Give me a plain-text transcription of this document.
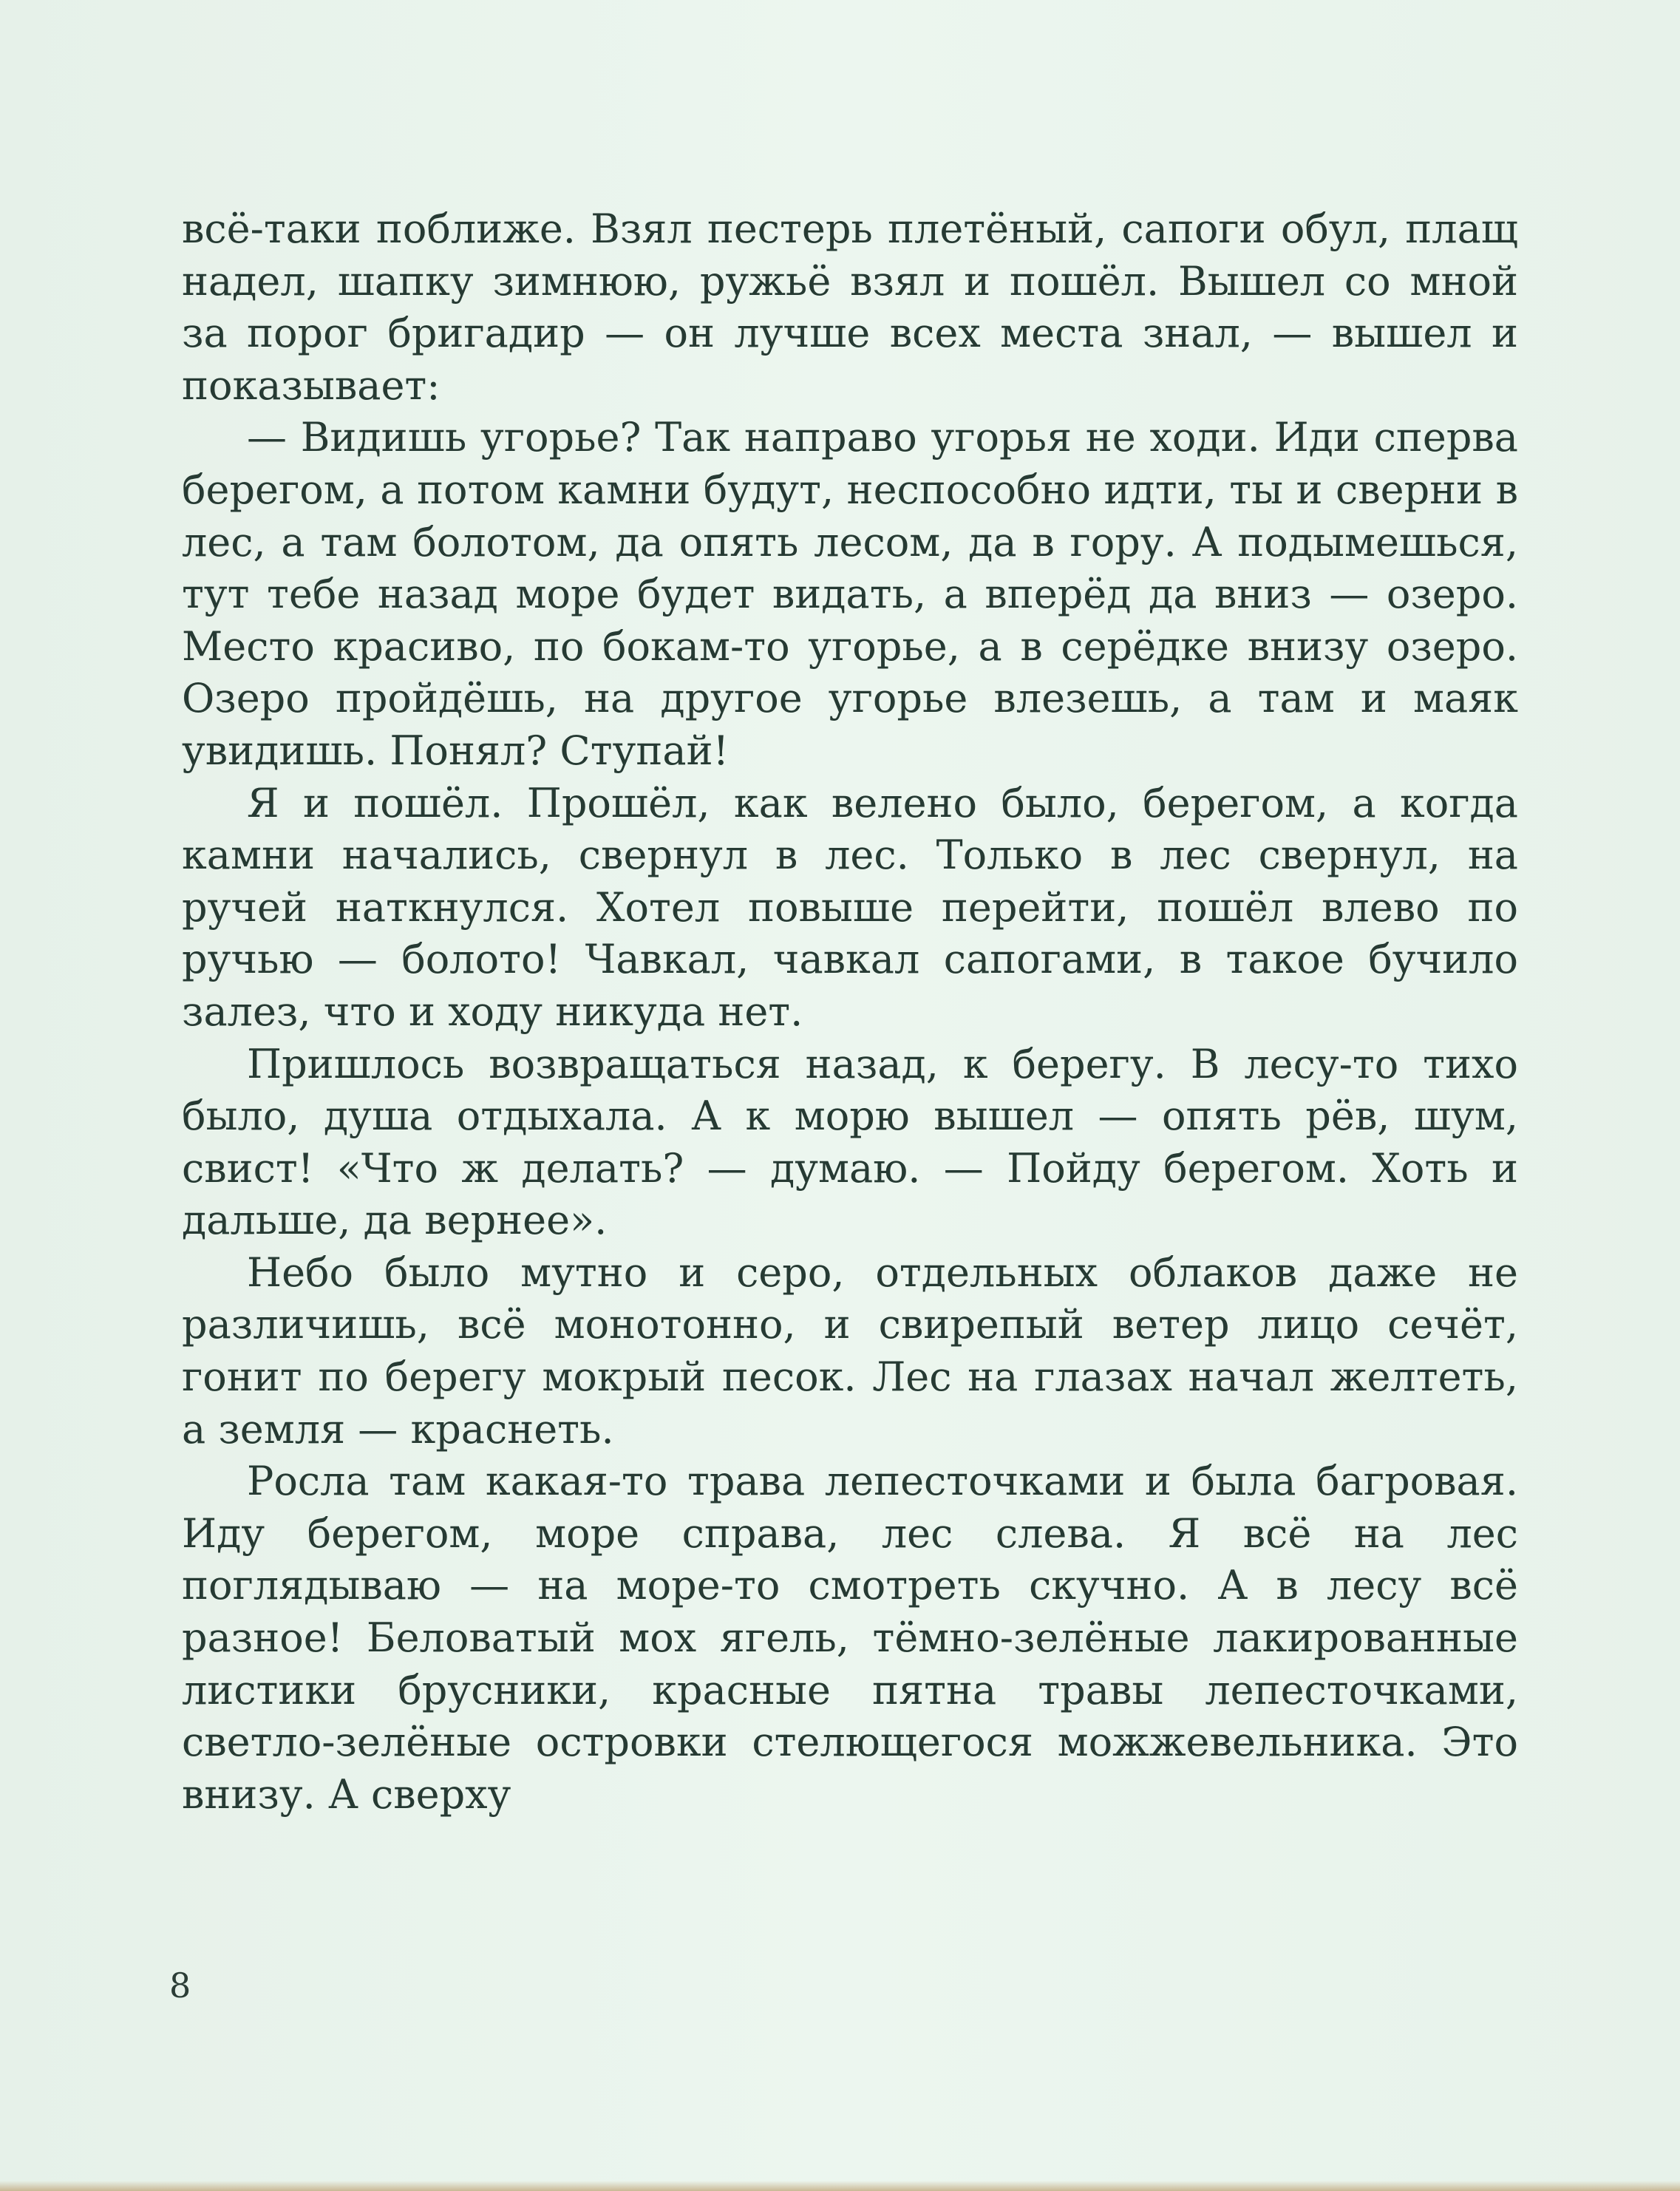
всё-таки поближе. Взял пестерь плетёный, сапоги обул, плащ надел, шапку зимнюю, ружьё взял и пошёл. Вышел со мной за порог бригадир — он лучше всех места знал, — вышел и показывает:

— Видишь угорье? Так направо угорья не ходи. Иди сперва берегом, а потом камни будут, неспособно идти, ты и сверни в лес, а там болотом, да опять лесом, да в гору. А подымешься, тут тебе назад море будет видать, а вперёд да вниз — озеро. Место красиво, по бокам-то угорье, а в серёдке внизу озеро. Озеро пройдёшь, на другое угорье влезешь, а там и маяк увидишь. Понял? Ступай!

Я и пошёл. Прошёл, как велено было, берегом, а когда камни начались, свернул в лес. Только в лес свернул, на ручей наткнулся. Хотел повыше перейти, пошёл влево по ручью — болото! Чавкал, чавкал сапогами, в такое бучило залез, что и ходу никуда нет.

Пришлось возвращаться назад, к берегу. В лесу-то тихо было, душа отдыхала. А к морю вышел — опять рёв, шум, свист! «Что ж делать? — думаю. — Пойду берегом. Хоть и дальше, да вернее».

Небо было мутно и серо, отдельных облаков даже не различишь, всё монотонно, и свирепый ветер лицо сечёт, гонит по берегу мокрый песок. Лес на глазах начал желтеть, а земля — краснеть.

Росла там какая-то трава лепесточками и была багровая. Иду берегом, море справа, лес слева. Я всё на лес поглядываю — на море-то смотреть скучно. А в лесу всё разное! Беловатый мох ягель, тёмно-зелёные лакированные листики брусники, красные пятна травы лепесточками, светло-зелёные островки стелющегося можжевельника. Это внизу. А сверху

8
